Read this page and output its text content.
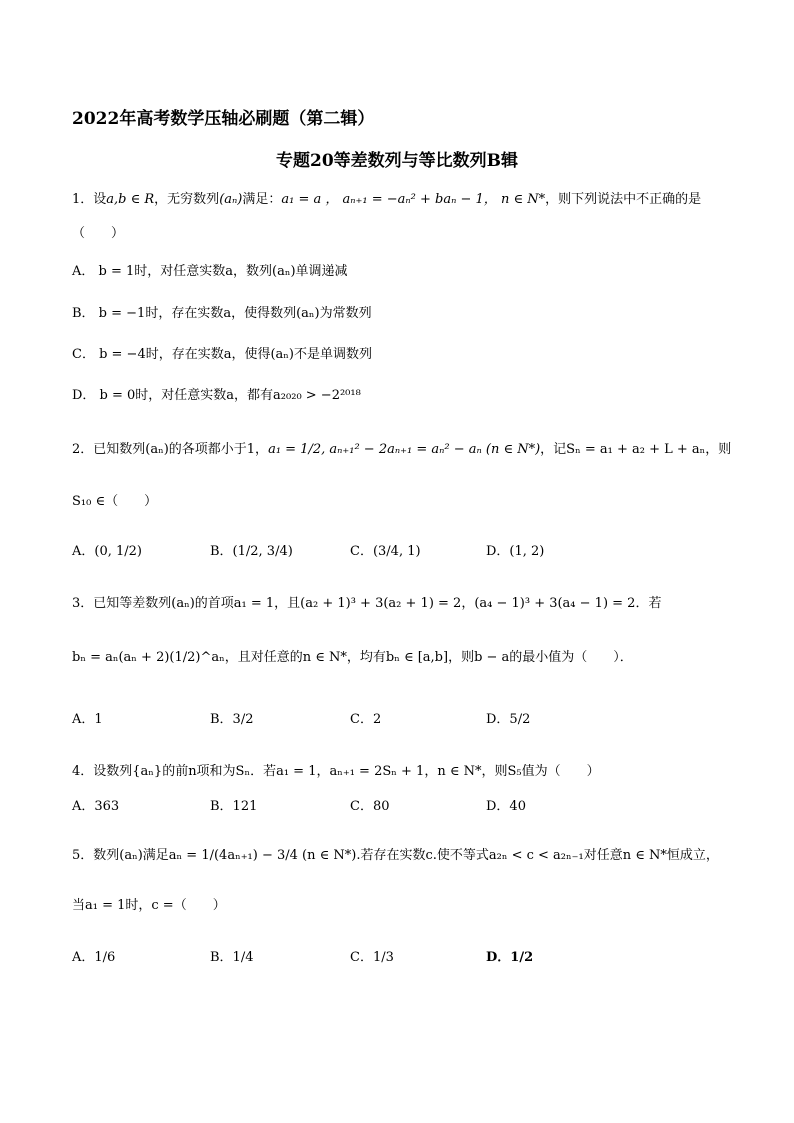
2022年高考数学压轴必刷题（第二辑）
专题20等差数列与等比数列B辑
1．设a,b ∈ R，无穷数列(aₙ)满足：a₁ = a ， aₙ₊₁ = −aₙ² + baₙ − 1， n ∈ N*，则下列说法中不正确的是
（　　）
A． b = 1时，对任意实数a，数列(aₙ)单调递减
B． b = −1时，存在实数a，使得数列(aₙ)为常数列
C． b = −4时，存在实数a，使得(aₙ)不是单调数列
D． b = 0时，对任意实数a，都有a₂₀₂₀ > −2²⁰¹⁸
2．已知数列(aₙ)的各项都小于1，a₁ = 1/2, aₙ₊₁² − 2aₙ₊₁ = aₙ² − aₙ (n ∈ N*)，记Sₙ = a₁ + a₂ + L + aₙ，则
S₁₀ ∈（　　）
A．(0, 1/2)	B．(1/2, 3/4)	C．(3/4, 1)	D．(1, 2)
3．已知等差数列(aₙ)的首项a₁ = 1，且(a₂ + 1)³ + 3(a₂ + 1) = 2，(a₄ − 1)³ + 3(a₄ − 1) = 2．若
bₙ = aₙ(aₙ + 2)(1/2)^aₙ，且对任意的n ∈ N*，均有bₙ ∈ [a,b]，则b − a的最小值为（　　）．
A．1	B．3/2	C．2	D．5/2
4．设数列{aₙ}的前n项和为Sₙ．若a₁ = 1，aₙ₊₁ = 2Sₙ + 1，n ∈ N*，则S₅值为（　　）
A．363	B．121	C．80	D．40
5．数列(aₙ)满足aₙ = 1/(4aₙ₊₁) − 3/4 (n ∈ N*).若存在实数c.使不等式a₂ₙ < c < a₂ₙ₋₁对任意n ∈ N*恒成立，
当a₁ = 1时，c =（　　）
A．1/6	B．1/4	C．1/3	D．1/2
